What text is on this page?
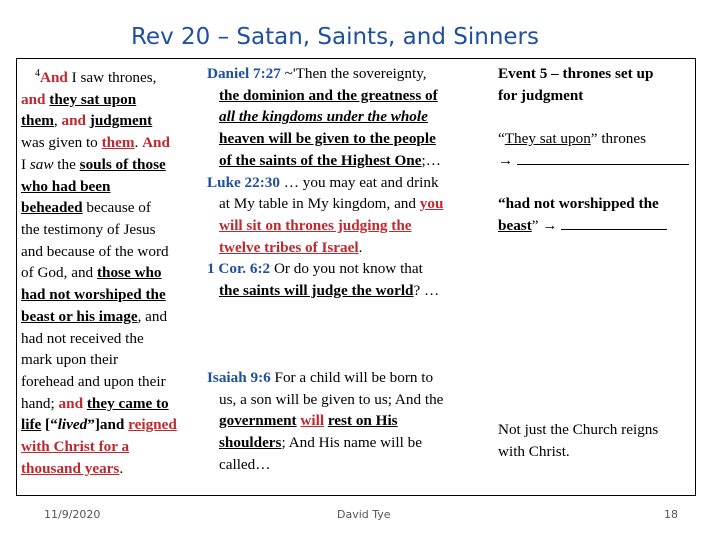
Rev 20 – Satan, Saints, and Sinners
$^4$And I saw thrones,
and they sat upon
them, and judgment
was given to them. And
I saw the souls of those
who had been
beheaded because of
the testimony of Jesus
and because of the word
of God, and those who
had not worshiped the
beast or his image, and
had not received the
mark upon their
forehead and upon their
hand; and they came to
life [“lived”]and reigned
with Christ for a
thousand years.
Daniel 7:27 ~'Then the sovereignty,
the dominion and the greatness of
all the kingdoms under the whole
heaven will be given to the people
of the saints of the Highest One;…
Luke 22:30 … you may eat and drink
at My table in My kingdom, and you
will sit on thrones judging the
twelve tribes of Israel.
1 Cor. 6:2 Or do you not know that
the saints will judge the world? …

Isaiah 9:6 For a child will be born to
us, a son will be given to us; And the
government will rest on His
shoulders; And His name will be
called…
Event 5 – thrones set up
for judgment

“They sat upon” thrones
→

“had not worshipped the
beast” →
Not just the Church reigns
with Christ.
11/9/2020	David Tye	18
